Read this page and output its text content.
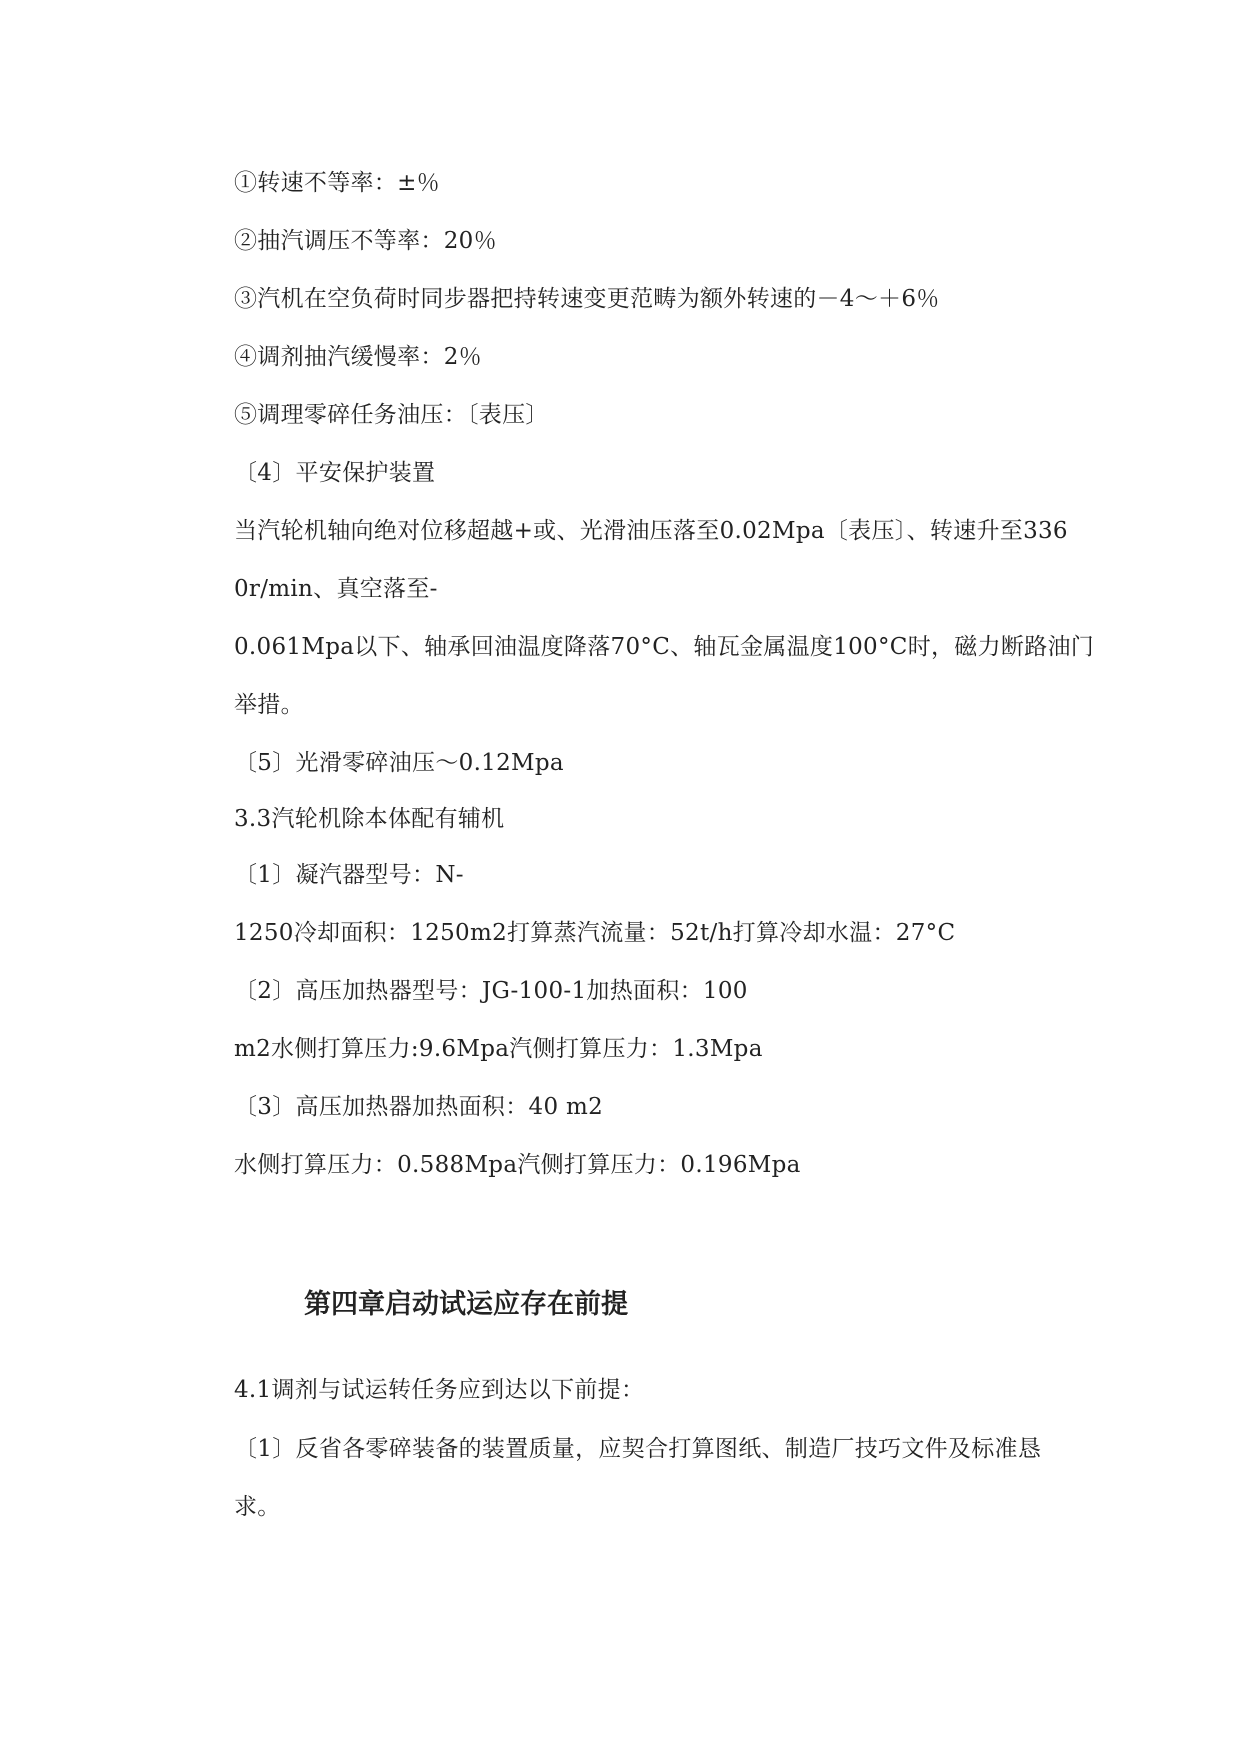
①转速不等率：±％
②抽汽调压不等率：20％
③汽机在空负荷时同步器把持转速变更范畴为额外转速的－4～＋6％
④调剂抽汽缓慢率：2％
⑤调理零碎任务油压：〔表压〕
〔4〕平安保护装置
当汽轮机轴向绝对位移超越+或、光滑油压落至0.02Mpa〔表压〕、转速升至336
0r/min、真空落至-
0.061Mpa以下、轴承回油温度降落70°C、轴瓦金属温度100°C时，磁力断路油门
举措。
〔5〕光滑零碎油压～0.12Mpa
3.3汽轮机除本体配有辅机
〔1〕凝汽器型号：N-
1250冷却面积：1250m2打算蒸汽流量：52t/h打算冷却水温：27°C
〔2〕高压加热器型号：JG-100-1加热面积：100
m2水侧打算压力:9.6Mpa汽侧打算压力：1.3Mpa
〔3〕高压加热器加热面积：40 m2
水侧打算压力：0.588Mpa汽侧打算压力：0.196Mpa
第四章启动试运应存在前提
4.1调剂与试运转任务应到达以下前提：
〔1〕反省各零碎装备的装置质量，应契合打算图纸、制造厂技巧文件及标准恳
求。
